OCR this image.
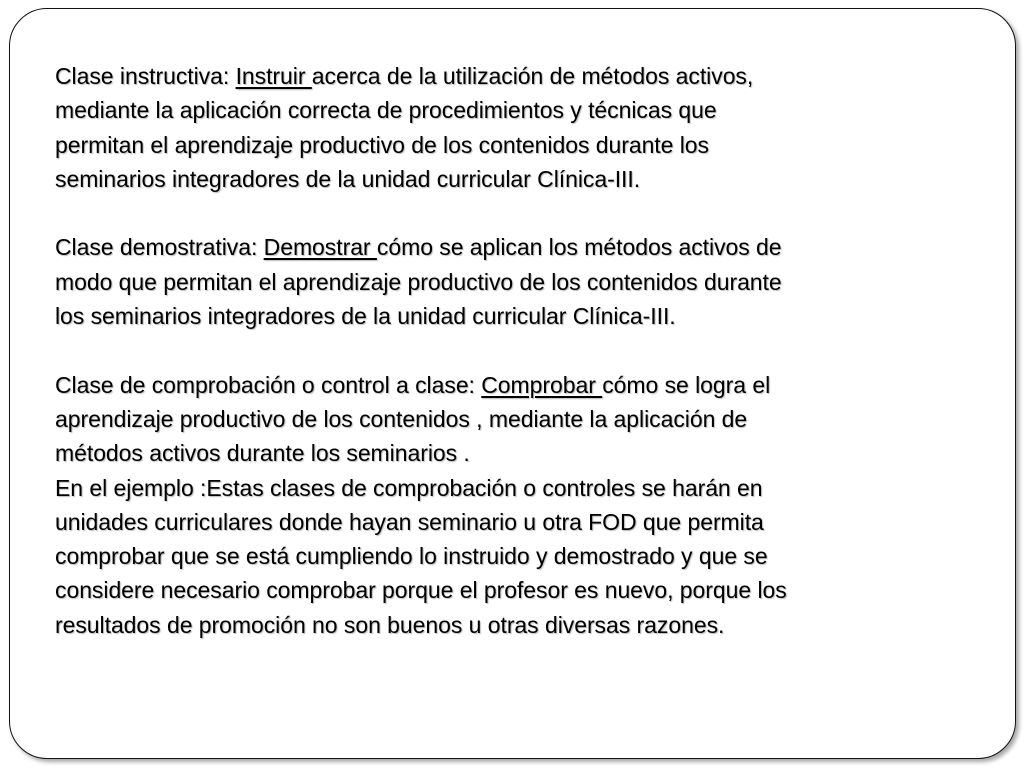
Clase instructiva: Instruir acerca de la utilización de métodos activos,
mediante la aplicación correcta de procedimientos y técnicas que
permitan el aprendizaje productivo de los contenidos durante los
seminarios integradores de la unidad curricular Clínica-III.

Clase demostrativa: Demostrar cómo se aplican los métodos activos de
modo que permitan el aprendizaje productivo de los contenidos durante
los seminarios integradores de la unidad curricular Clínica-III.

Clase de comprobación o control a clase: Comprobar cómo se logra el
aprendizaje productivo de los contenidos , mediante la aplicación de
métodos activos durante los seminarios .

En el ejemplo :Estas clases de comprobación o controles se harán en
unidades curriculares donde hayan seminario u otra FOD que permita
comprobar que se está cumpliendo lo instruido y demostrado y que se
considere necesario comprobar porque el profesor es nuevo, porque los
resultados de promoción no son buenos u otras diversas razones.
